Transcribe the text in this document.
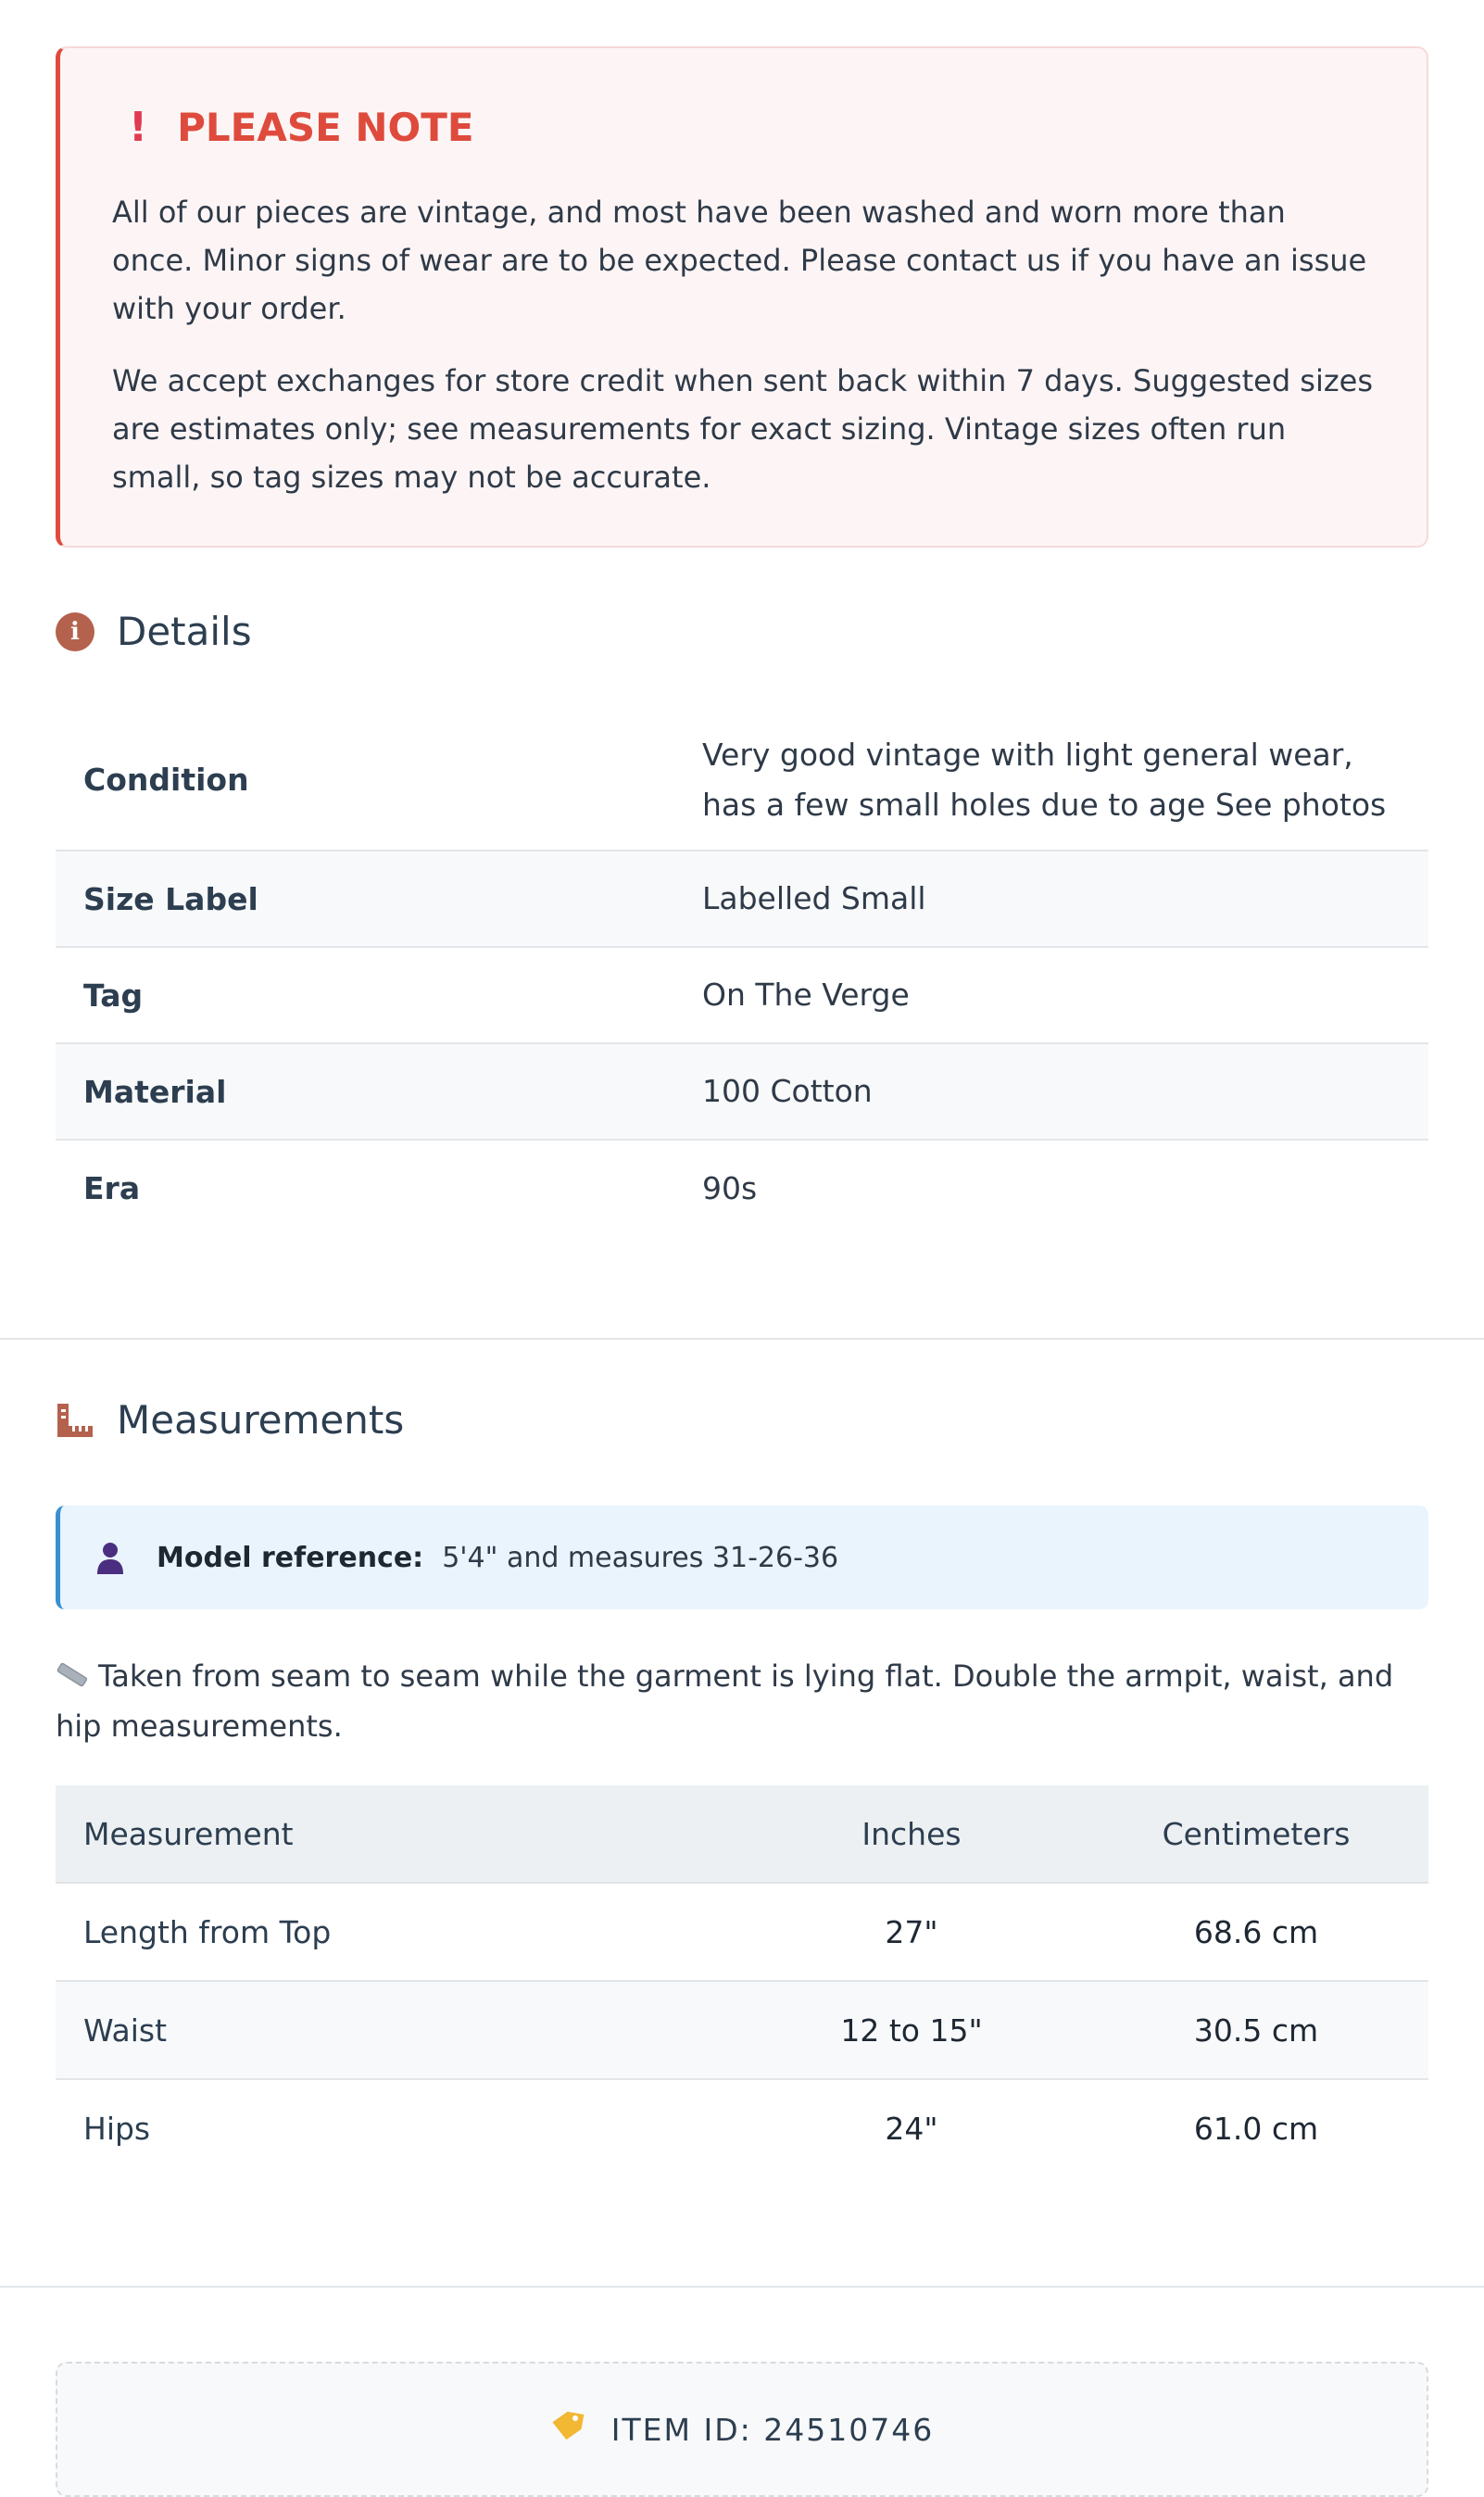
! PLEASE NOTE

All of our pieces are vintage, and most have been washed and worn more than once. Minor signs of wear are to be expected. Please contact us if you have an issue with your order.

We accept exchanges for store credit when sent back within 7 days. Suggested sizes are estimates only; see measurements for exact sizing. Vintage sizes often run small, so tag sizes may not be accurate.

i Details
Condition	Very good vintage with light general wear, has a few small holes due to age See photos
Size Label	Labelled Small
Tag	On The Verge
Material	100 Cotton
Era	90s
Measurements
Model reference: 5'4" and measures 31-26-36
Taken from seam to seam while the garment is lying flat. Double the armpit, waist, and hip measurements.
Measurement	Inches	Centimeters
Length from Top	27"	68.6 cm
Waist	12 to 15"	30.5 cm
Hips	24"	61.0 cm
ITEM ID: 24510746
